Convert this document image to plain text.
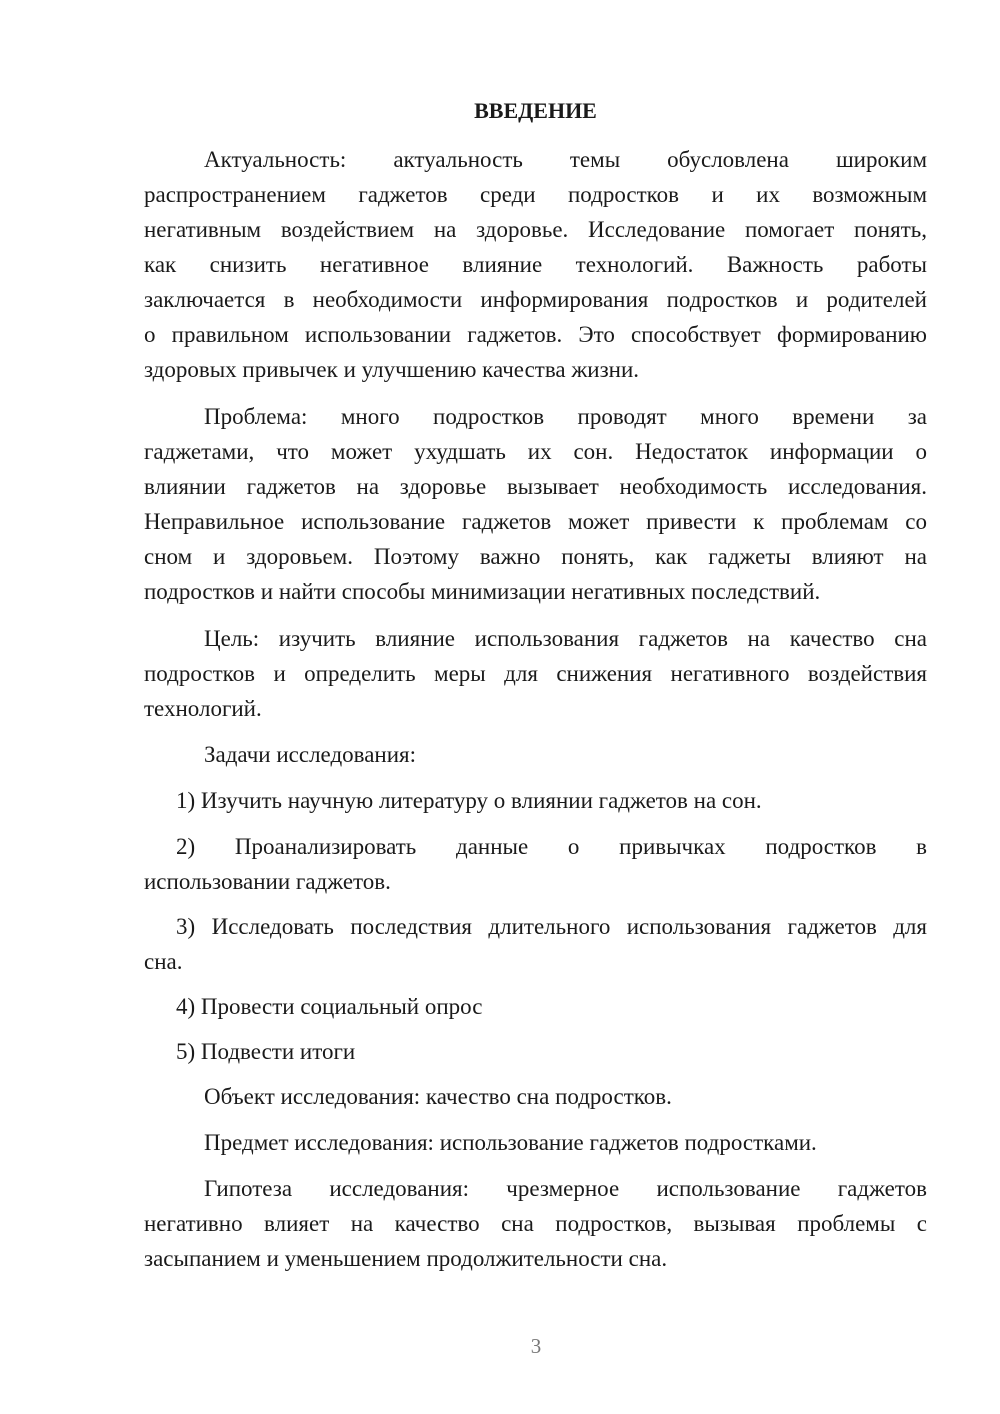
ВВЕДЕНИЕ
Актуальность: актуальность темы обусловлена широким
распространением гаджетов среди подростков и их возможным
негативным воздействием на здоровье. Исследование помогает понять,
как снизить негативное влияние технологий. Важность работы
заключается в необходимости информирования подростков и родителей
о правильном использовании гаджетов. Это способствует формированию
здоровых привычек и улучшению качества жизни.
Проблема: много подростков проводят много времени за
гаджетами, что может ухудшать их сон. Недостаток информации о
влиянии гаджетов на здоровье вызывает необходимость исследования.
Неправильное использование гаджетов может привести к проблемам со
сном и здоровьем. Поэтому важно понять, как гаджеты влияют на
подростков и найти способы минимизации негативных последствий.
Цель: изучить влияние использования гаджетов на качество сна
подростков и определить меры для снижения негативного воздействия
технологий.
Задачи исследования:
1) Изучить научную литературу о влиянии гаджетов на сон.
2) Проанализировать данные о привычках подростков в
использовании гаджетов.
3) Исследовать последствия длительного использования гаджетов для
сна.
4) Провести социальный опрос
5) Подвести итоги
Объект исследования: качество сна подростков.
Предмет исследования: использование гаджетов подростками.
Гипотеза исследования: чрезмерное использование гаджетов
негативно влияет на качество сна подростков, вызывая проблемы с
засыпанием и уменьшением продолжительности сна.
3
